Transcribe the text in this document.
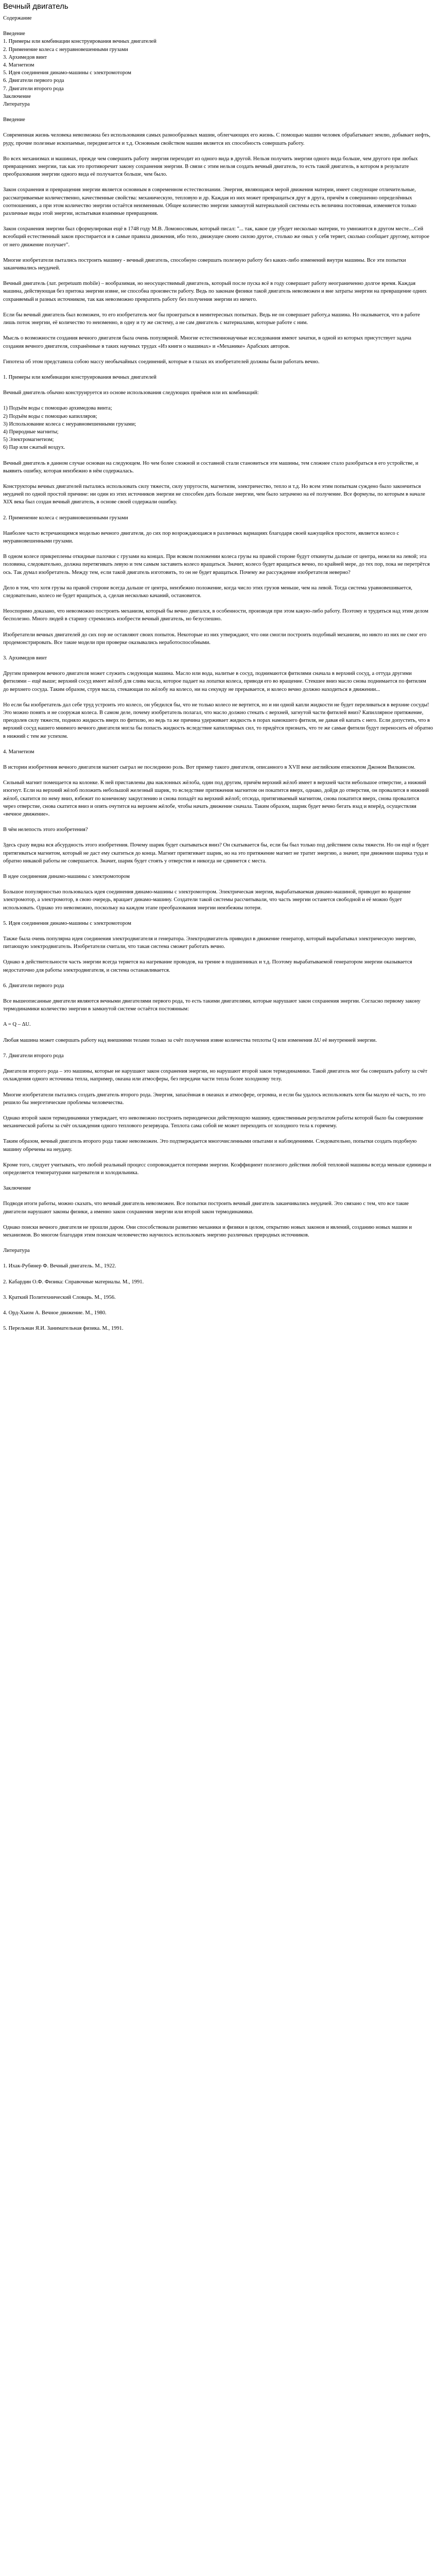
Вечный двигатель

Содержание

Введение

1. Примеры или комбинации конструирования вечных двигателей

2. Применение колеса с неуравновешенными грузами

3. Архимедов винт

4. Магнетизм

5. Идея соединения динамо-машины с электромотором

6. Двигатели первого рода

7. Двигатели второго рода

Заключение

Литература

Введение

Современная жизнь человека невозможна без использования самых разнообразных машин, облегчающих его жизнь. С помощью машин человек обрабатывает землю, добывает нефть, руду, прочие полезные ископаемые, передвигается и т.д. Основным свойством машин является их способность совершать работу.

Во всех механизмах и машинах, прежде чем совершить работу энергия переходит из одного вида в другой. Нельзя получить энергии одного вида больше, чем другого при любых превращениях энергии, так как это противоречит закону сохранения энергии. В связи с этим нельзя создать вечный двигатель, то есть такой двигатель, в котором в результате преобразования энергии одного вида её получается больше, чем было.

Закон сохранения и превращения энергии является основным в современном естествознании. Энергия, являющаяся мерой движения материи, имеет следующие отличительные, рассматриваемые количественно, качественные свойства: механическую, тепловую и др. Каждая из них может превращаться друг в друга, причём в совершенно определённых соотношениях, а при этом количество энергии остаётся неизменным. Общее количество энергии замкнутой материальной системы есть величина постоянная, изменяется только различные виды этой энергии, испытывая взаимные превращения.

Закон сохранения энергии был сформулирован ещё в 1748 году М.В. Ломоносовым, который писал: "... так, какое где убудет несколько материи, то умножится в другом месте....Сей всеобщий естественный закон простирается и в самые правила движения, ибо тело, движущее своею силою другое, столько же оных у себя теряет, сколько сообщает другому, которое от него движение получает".

Многие изобретатели пытались построить машину - вечный двигатель, способную совершать полезную работу без каких-либо изменений внутри машины. Все эти попытки заканчивались неудачей.

Вечный двигатель (лат. perpetuum mobile) – вообразимая, но неосуществимый двигатель, который после пуска всё в году совершает работу неограниченно долгое время. Каждая машина, действующая без притока энергии извне, не способна произвести работу. Ведь по законам физики такой двигатель невозможен и вне затраты энергии на превращение одних сохраняемый и разных источником, так как невозможно превратить работу без получения энергии из ничего.

Если бы вечный двигатель был возможен, то его изобретатель мог бы проиграться в неинтересных попытках. Ведь не он совершает работу,а машина. Но оказывается, что в работе лишь поток энергии, её количество то неизменно, в одну и ту же систему, а не сам двигатель с материалами, которые работе с ним.

Мысль о возможности создания вечного двигателя была очень популярной. Многие естественнонаучные исследования имеют зачатки, в одной из которых присутствует задача создания вечного двигателя, сохранённые в таких научных трудах «Из книги о машинах» и «Механике» Арабских авторов.

Гипотеза об этом представила собою массу необычайных соединений, которые в глазах их изобретателей должны были работать вечно.

1. Примеры или комбинации конструирования вечных двигателей

Вечный двигатель обычно конструируется из основе использования следующих приёмов или их комбинаций:

1) Подъём воды с помощью архимедова винта;

2) Подъём воды с помощью капилляров;

3) Использование колеса с неуравновешенными грузами;

4) Природные магниты;

5) Электромагнетизм;

6) Пар или сжатый воздух.

Вечный двигатель в данном случае основан на следующем. Но чем более сложной и составной стали становиться эти машины, тем сложнее стало разобраться в его устройстве, и выявить ошибку, которая неизбежно в нём содержалась.

Конструкторы вечных двигателей пытались использовать силу тяжести, силу упругости, магнетизм, электричество, тепло и т.д. Но всем этим попыткам суждено было закончиться неудачей по одной простой причине: ни один из этих источников энергии не способен дать больше энергии, чем было затрачено на её получение. Все формулы, по которым в начале XIX века был создан вечный двигатель, в основе своей содержали ошибку.

2. Применение колеса с неуравновешенными грузами

Наиболее часто встречающимся моделью вечного двигателя, до сих пор возрождающаяся в различных вариациях благодаря своей кажущейся простоте, является колесо с неуравновешенными грузами.

В одном колесе прикреплены откидные палочки с грузами на концах. При всяком положении колеса грузы на правой стороне будут откинуты дальше от центра, нежели на левой; эта половина, следовательно, должна перетягивать левую и тем самым заставить колесо вращаться. Значит, колесо будет вращаться вечно, по крайней мере, до тех пор, пока не перетрётся ось. Так думал изобретатель. Между тем, если такой двигатель изготовить, то он не будет вращаться. Почему же рассуждение изобретателя неверно?

Дело в том, что хотя грузы на правой стороне всегда дальше от центра, неизбежно положение, когда число этих грузов меньше, чем на левой. Тогда система уравновешивается, следовательно, колесо не будет вращаться, а, сделав несколько качаний, остановится.

Неоспоримо доказано, что невозможно построить механизм, который бы вечно двигался, в особенности, производя при этом какую-либо работу. Поэтому и трудиться над этим делом бесполезно. Много людей в старину стремились изобрести вечный двигатель, но безуспешно.

Изобретатели вечных двигателей до сих пор не оставляют своих попыток. Некоторые из них утверждают, что они смогли построить подобный механизм, но никто из них не смог его продемонстрировать. Все такие модели при проверке оказывались неработоспособными.

3. Архимедов винт

Другим примером вечного двигателя может служить следующая машина. Масло или вода, налитые в сосуд, поднимаются фитилями сначала в верхний сосуд, а оттуда другими фитилями – ещё выше; верхний сосуд имеет жёлоб для слива масла, которое падает на лопатки колеса, приводя его во вращение. Стекшее вниз масло снова поднимается по фитилям до верхнего сосуда. Таким образом, струя масла, стекающая по жёлобу на колесо, ни на секунду не прерывается, и колесо вечно должно находиться в движении...

Но если бы изобретатель дал себе труд устроить это колесо, он убедился бы, что не только колесо не вертится, но и ни одной капли жидкости не будет переливаться в верхние сосуды! Это можно понять и не сооружая колеса. В самом деле, почему изобретатель полагал, что масло должно стекать с верхней, загнутой части фитилей вниз? Капиллярное притяжение, преодолев силу тяжести, подняло жидкость вверх по фитилю, но ведь та же причина удерживает жидкость в порах намокшего фитиля, не давая ей капать с него. Если допустить, что в верхний сосуд нашего мнимого вечного двигателя могла бы попасть жидкость вследствие капиллярных сил, то придётся признать, что те же самые фитили будут переносить её обратно в нижний с тем же успехом.

4. Магнетизм

В истории изобретения вечного двигателя магнит сыграл не последнюю роль. Вот пример такого двигателя, описанного в XVII веке английским епископом Джоном Вилкинсом.

Сильный магнит помещается на колонке. К ней приставлены два наклонных жёлоба, один под другим, причём верхний жёлоб имеет в верхней части небольшое отверстие, а нижний изогнут. Если на верхний жёлоб положить небольшой железный шарик, то вследствие притяжения магнитом он покатится вверх, однако, дойдя до отверстия, он провалится в нижний жёлоб, скатится по нему вниз, взбежит по конечному закруглению и снова попадёт на верхний жёлоб; отсюда, притягиваемый магнитом, снова покатится вверх, снова провалится через отверстие, снова скатится вниз и опять очутится на верхнем жёлобе, чтобы начать движение сначала. Таким образом, шарик будет вечно бегать взад и вперёд, осуществляя «вечное движение».

В чём нелепость этого изобретения?

Здесь сразу видна вся абсурдность этого изобретения. Почему шарик будет скатываться вниз? Он скатывается бы, если бы был только под действием силы тяжести. Но он ещё и будет притягиваться магнитом, который не даст ему скатиться до конца. Магнит притягивает шарик, но на это притяжение магнит не тратит энергию, а значит, при движении шарика туда и обратно никакой работы не совершается. Значит, шарик будет стоять у отверстия и никогда не сдвинется с места.

В идее соединения динамо-машины с электромотором

Большое популярностью пользовалась идея соединения динамо-машины с электромотором. Электрическая энергия, вырабатываемая динамо-машиной, приводит во вращение электромотор, а электромотор, в свою очередь, вращает динамо-машину. Создатели такой системы рассчитывали, что часть энергии останется свободной и её можно будет использовать. Однако это невозможно, поскольку на каждом этапе преобразования энергии неизбежны потери.

5. Идея соединения динамо-машины с электромотором

Также была очень популярна идея соединения электродвигателя и генератора. Электродвигатель приводил в движение генератор, который вырабатывал электрическую энергию, питающую электродвигатель. Изобретатели считали, что такая система сможет работать вечно.

Однако в действительности часть энергии всегда теряется на нагревание проводов, на трение в подшипниках и т.д. Поэтому вырабатываемой генератором энергии оказывается недостаточно для работы электродвигателя, и система останавливается.

6. Двигатели первого рода

Все вышеописанные двигатели являются вечными двигателями первого рода, то есть такими двигателями, которые нарушают закон сохранения энергии. Согласно первому закону термодинамики количество энергии в замкнутой системе остаётся постоянным:

A = Q – ΔU.

Любая машина может совершать работу над внешними телами только за счёт получения извне количества теплоты Q или изменения ΔU её внутренней энергии.

7. Двигатели второго рода

Двигатели второго рода – это машины, которые не нарушают закон сохранения энергии, но нарушают второй закон термодинамики. Такой двигатель мог бы совершать работу за счёт охлаждения одного источника тепла, например, океана или атмосферы, без передачи части тепла более холодному телу.

Многие изобретатели пытались создать двигатель второго рода. Энергия, запасённая в океанах и атмосфере, огромна, и если бы удалось использовать хотя бы малую её часть, то это решило бы энергетические проблемы человечества.

Однако второй закон термодинамики утверждает, что невозможно построить периодически действующую машину, единственным результатом работы которой было бы совершение механической работы за счёт охлаждения одного теплового резервуара. Теплота сама собой не может переходить от холодного тела к горячему.

Таким образом, вечный двигатель второго рода также невозможен. Это подтверждается многочисленными опытами и наблюдениями. Следовательно, попытки создать подобную машину обречены на неудачу.

Кроме того, следует учитывать, что любой реальный процесс сопровождается потерями энергии. Коэффициент полезного действия любой тепловой машины всегда меньше единицы и определяется температурами нагревателя и холодильника.

Заключение

Подводя итоги работы, можно сказать, что вечный двигатель невозможен. Все попытки построить вечный двигатель заканчивались неудачей. Это связано с тем, что все такие двигатели нарушают законы физики, а именно закон сохранения энергии или второй закон термодинамики.

Однако поиски вечного двигателя не прошли даром. Они способствовали развитию механики и физики в целом, открытию новых законов и явлений, созданию новых машин и механизмов. Во многом благодаря этим поискам человечество научилось использовать энергию различных природных источников.

Литература

1. Ихак-Рубинер Ф. Вечный двигатель. М., 1922.

2. Кабардин О.Ф. Физика: Справочные материалы. М., 1991.

3. Краткий Политехнический Словарь. М., 1956.

4. Орд-Хьюм А. Вечное движение. М., 1980.

5. Перельман Я.И. Занимательная физика. М., 1991.
